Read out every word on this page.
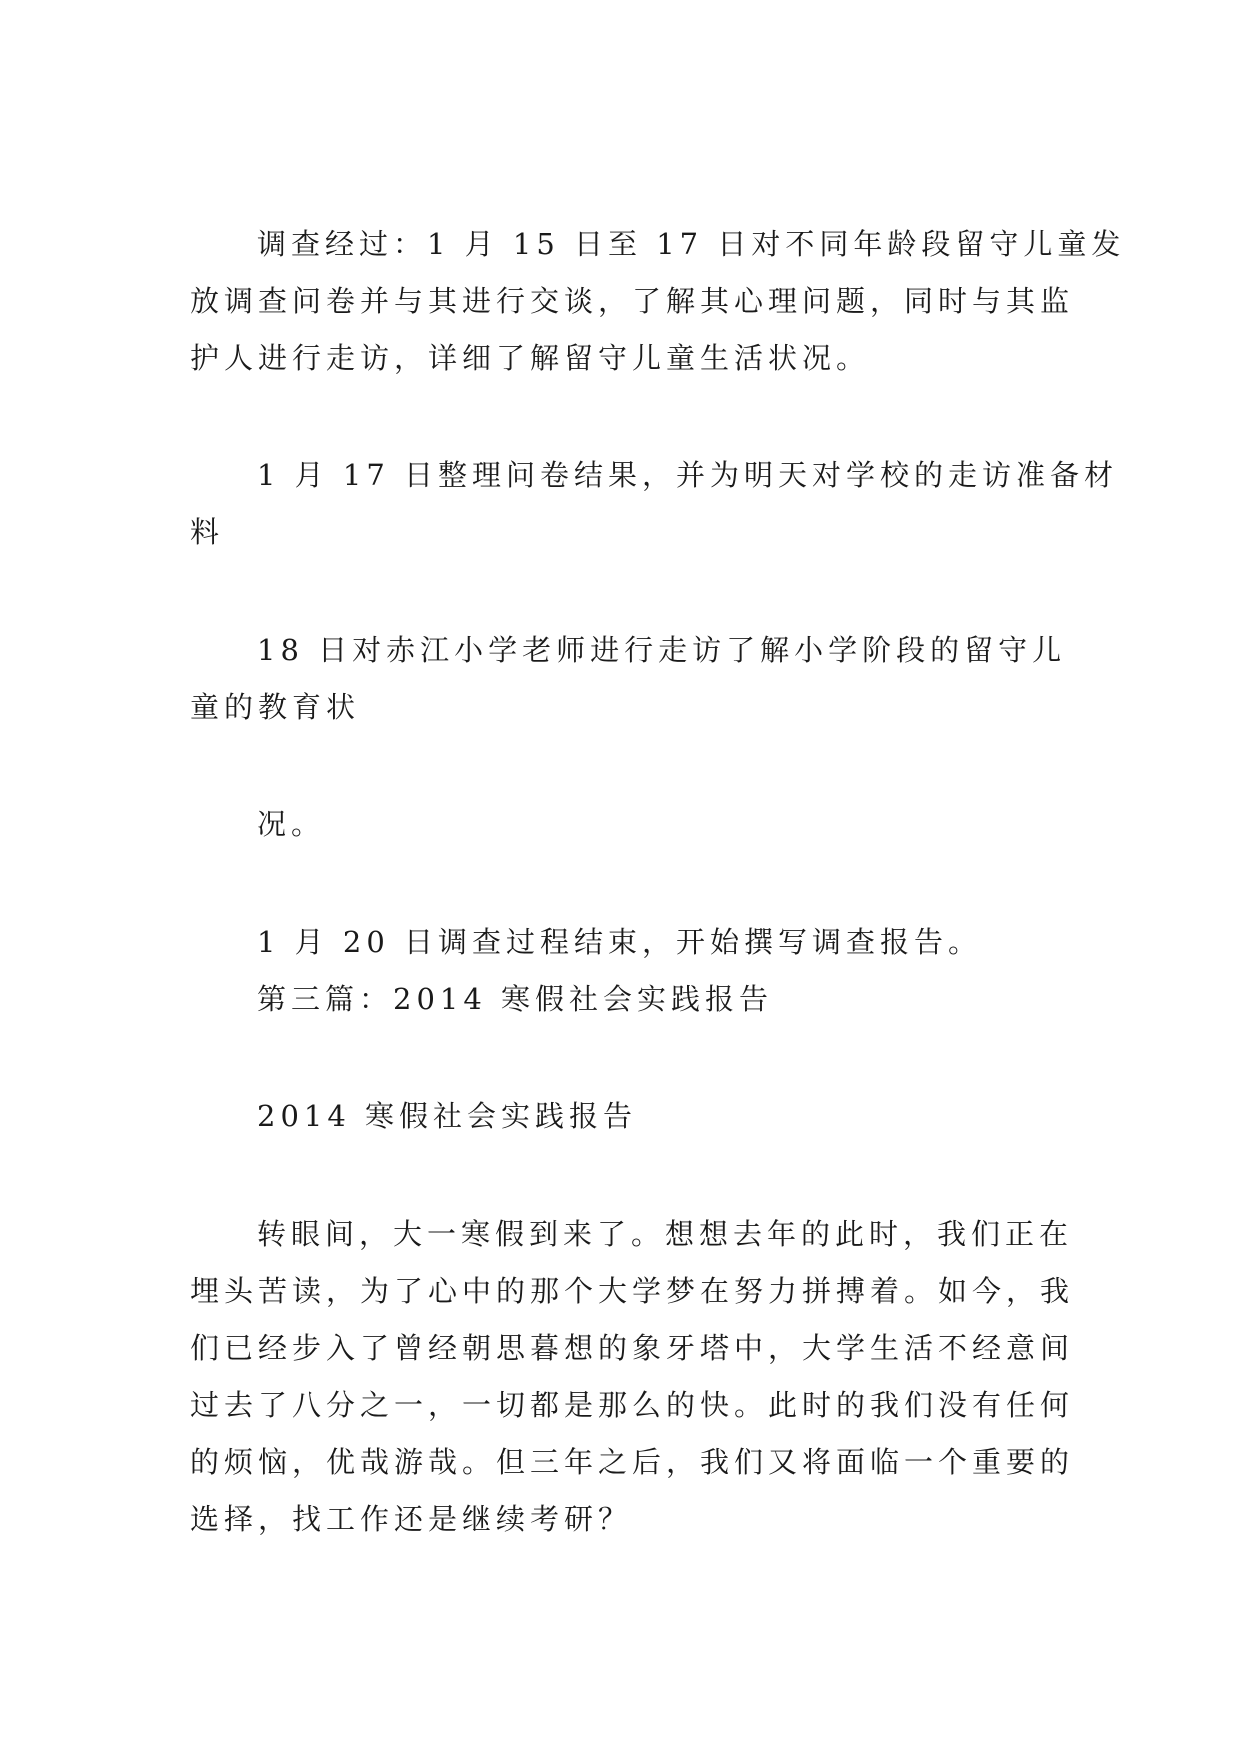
调查经过：1 月 15 日至 17 日对不同年龄段留守儿童发
放调查问卷并与其进行交谈，了解其心理问题，同时与其监
护人进行走访，详细了解留守儿童生活状况。
1 月 17 日整理问卷结果，并为明天对学校的走访准备材
料
18 日对赤江小学老师进行走访了解小学阶段的留守儿
童的教育状
况。
1 月 20 日调查过程结束，开始撰写调查报告。
第三篇：2014 寒假社会实践报告
2014 寒假社会实践报告
转眼间，大一寒假到来了。想想去年的此时，我们正在
埋头苦读，为了心中的那个大学梦在努力拼搏着。如今，我
们已经步入了曾经朝思暮想的象牙塔中，大学生活不经意间
过去了八分之一，一切都是那么的快。此时的我们没有任何
的烦恼，优哉游哉。但三年之后，我们又将面临一个重要的
选择，找工作还是继续考研？
